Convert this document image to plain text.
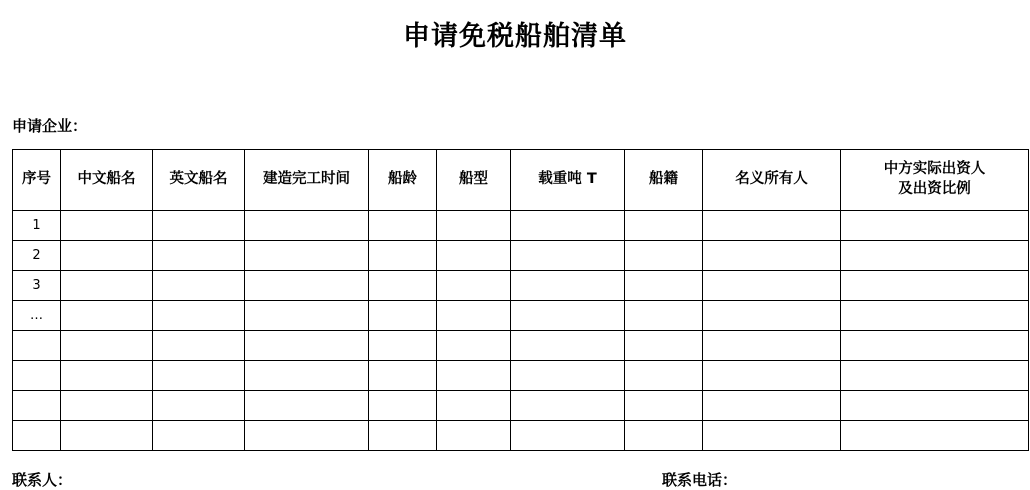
申请免税船舶清单
申请企业：
序号	中文船名	英文船名	建造完工时间	船龄	船型	载重吨 T	船籍	名义所有人	中方实际出资人
及出资比例

1									
2									
3									
…									

联系人：	联系电话：
